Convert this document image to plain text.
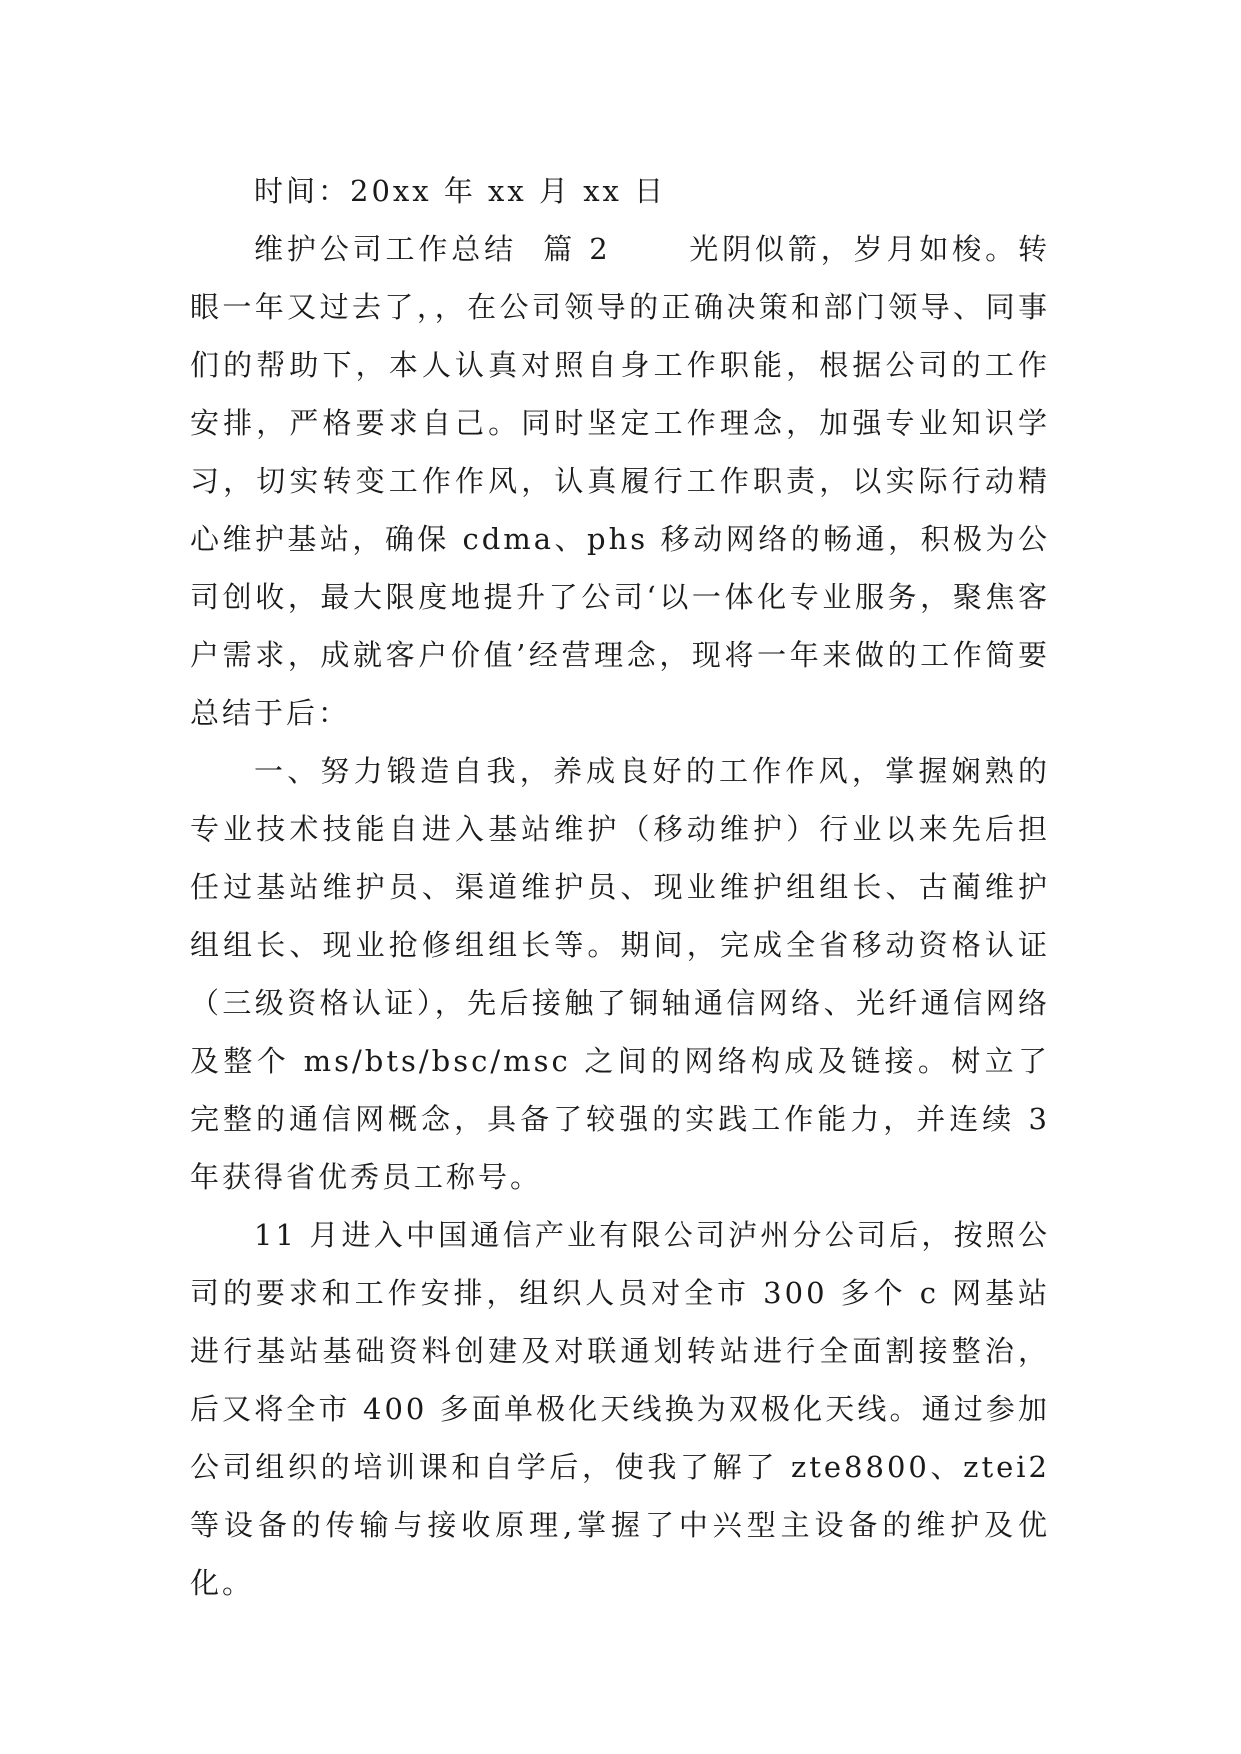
时间：20xx 年 xx 月 xx 日

维护公司工作总结  篇 2      光阴似箭，岁月如梭。转眼一年又过去了，，在公司领导的正确决策和部门领导、同事们的帮助下，本人认真对照自身工作职能，根据公司的工作安排，严格要求自己。同时坚定工作理念，加强专业知识学习，切实转变工作作风，认真履行工作职责，以实际行动精心维护基站，确保 cdma、phs 移动网络的畅通，积极为公司创收，最大限度地提升了公司‘以一体化专业服务，聚焦客户需求，成就客户价值’经营理念，现将一年来做的工作简要总结于后：

一、努力锻造自我，养成良好的工作作风，掌握娴熟的专业技术技能自进入基站维护（移动维护）行业以来先后担任过基站维护员、渠道维护员、现业维护组组长、古蔺维护组组长、现业抢修组组长等。期间，完成全省移动资格认证（三级资格认证），先后接触了铜轴通信网络、光纤通信网络及整个 ms/bts/bsc/msc 之间的网络构成及链接。树立了完整的通信网概念，具备了较强的实践工作能力，并连续 3 年获得省优秀员工称号。

11 月进入中国通信产业有限公司泸州分公司后，按照公司的要求和工作安排，组织人员对全市 300 多个 c 网基站进行基站基础资料创建及对联通划转站进行全面割接整治，后又将全市 400 多面单极化天线换为双极化天线。通过参加公司组织的培训课和自学后，使我了解了 zte8800、ztei2 等设备的传输与接收原理,掌握了中兴型主设备的维护及优化。
